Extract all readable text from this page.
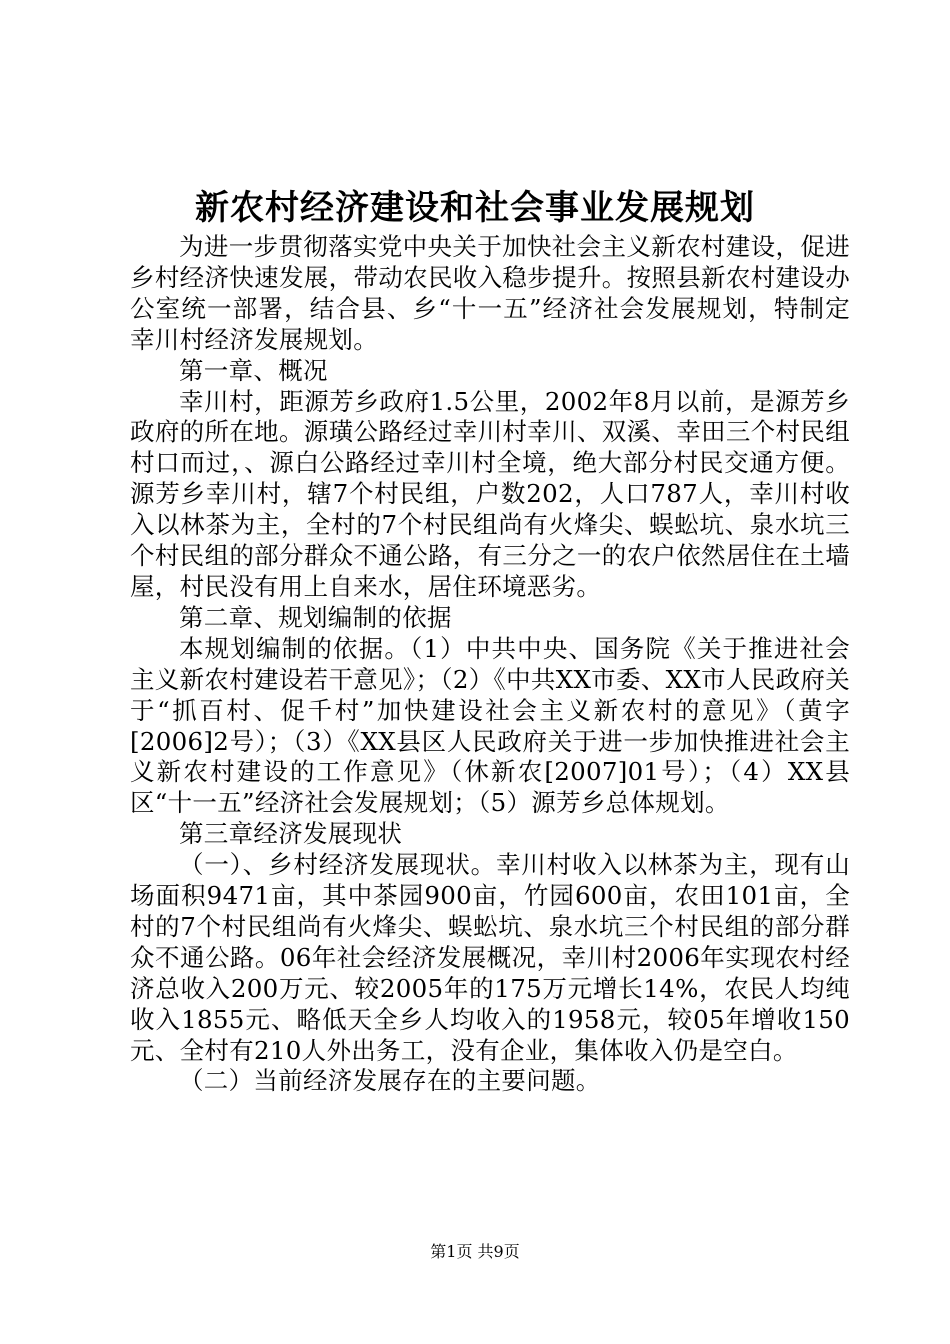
新农村经济建设和社会事业发展规划

为进一步贯彻落实党中央关于加快社会主义新农村建设，促进乡村经济快速发展，带动农民收入稳步提升。按照县新农村建设办公室统一部署，结合县、乡“十一五”经济社会发展规划，特制定幸川村经济发展规划。

第一章、概况

幸川村，距源芳乡政府1.5公里，2002年8月以前，是源芳乡政府的所在地。源璜公路经过幸川村幸川、双溪、幸田三个村民组村口而过，、源白公路经过幸川村全境，绝大部分村民交通方便。源芳乡幸川村，辖7个村民组，户数202，人口787人，幸川村收入以林茶为主，全村的7个村民组尚有火烽尖、蜈蚣坑、泉水坑三个村民组的部分群众不通公路，有三分之一的农户依然居住在土墙屋，村民没有用上自来水，居住环境恶劣。

第二章、规划编制的依据

本规划编制的依据。（1）中共中央、国务院《关于推进社会主义新农村建设若干意见》；（2）《中共XX市委、XX市人民政府关于“抓百村、促千村”加快建设社会主义新农村的意见》（黄字[2006]2号）；（3）《XX县区人民政府关于进一步加快推进社会主义新农村建设的工作意见》（休新农[2007]01号）；（4）XX县区“十一五”经济社会发展规划；（5）源芳乡总体规划。

第三章经济发展现状

（一）、乡村经济发展现状。幸川村收入以林茶为主，现有山场面积9471亩，其中茶园900亩，竹园600亩，农田101亩，全村的7个村民组尚有火烽尖、蜈蚣坑、泉水坑三个村民组的部分群众不通公路。06年社会经济发展概况，幸川村2006年实现农村经济总收入200万元、较2005年的175万元增长14%，农民人均纯收入1855元、略低天全乡人均收入的1958元，较05年增收150元、全村有210人外出务工，没有企业，集体收入仍是空白。

（二）当前经济发展存在的主要问题。

第1页 共9页
